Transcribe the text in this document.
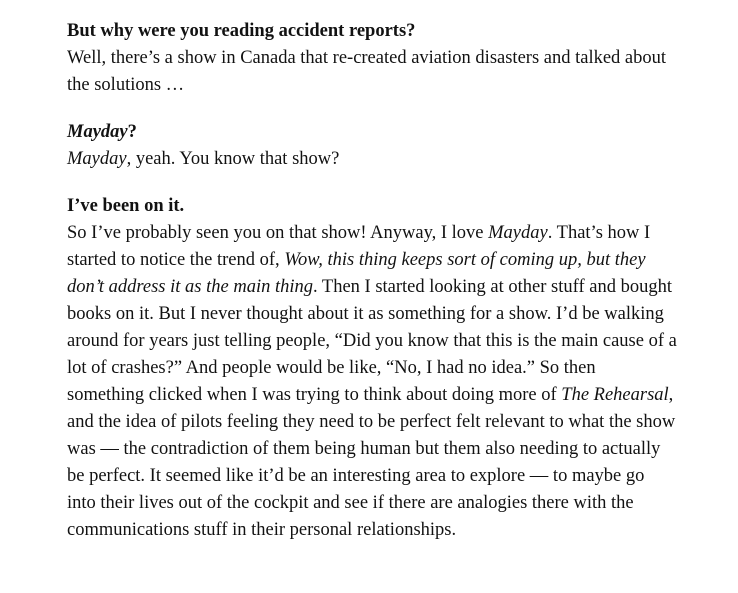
But why were you reading accident reports?

Well, there’s a show in Canada that re-created aviation disasters and talked about the solutions …

Mayday?

Mayday, yeah. You know that show?

I’ve been on it.

So I’ve probably seen you on that show! Anyway, I love Mayday. That’s how I started to notice the trend of, Wow, this thing keeps sort of coming up, but they don’t address it as the main thing. Then I started looking at other stuff and bought books on it. But I never thought about it as something for a show. I’d be walking around for years just telling people, “Did you know that this is the main cause of a lot of crashes?” And people would be like, “No, I had no idea.” So then something clicked when I was trying to think about doing more of The Rehearsal, and the idea of pilots feeling they need to be perfect felt relevant to what the show was — the contradiction of them being human but them also needing to actually be perfect. It seemed like it’d be an interesting area to explore — to maybe go into their lives out of the cockpit and see if there are analogies there with the communications stuff in their personal relationships.
